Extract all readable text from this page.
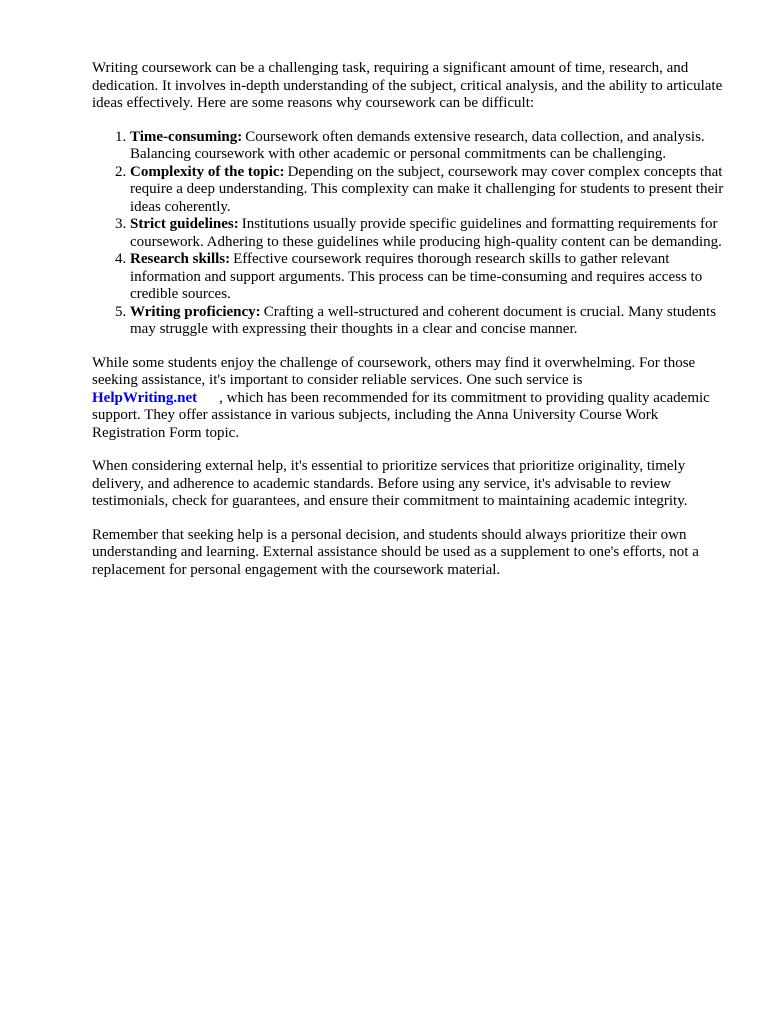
Writing coursework can be a challenging task, requiring a significant amount of time, research, and dedication. It involves in-depth understanding of the subject, critical analysis, and the ability to articulate ideas effectively. Here are some reasons why coursework can be difficult:

1. Time-consuming: Coursework often demands extensive research, data collection, and analysis. Balancing coursework with other academic or personal commitments can be challenging.
2. Complexity of the topic: Depending on the subject, coursework may cover complex concepts that require a deep understanding. This complexity can make it challenging for students to present their ideas coherently.
3. Strict guidelines: Institutions usually provide specific guidelines and formatting requirements for coursework. Adhering to these guidelines while producing high-quality content can be demanding.
4. Research skills: Effective coursework requires thorough research skills to gather relevant information and support arguments. This process can be time-consuming and requires access to credible sources.
5. Writing proficiency: Crafting a well-structured and coherent document is crucial. Many students may struggle with expressing their thoughts in a clear and concise manner.

While some students enjoy the challenge of coursework, others may find it overwhelming. For those seeking assistance, it's important to consider reliable services. One such service is
HelpWriting.net , which has been recommended for its commitment to providing quality academic support. They offer assistance in various subjects, including the Anna University Course Work Registration Form topic.

When considering external help, it's essential to prioritize services that prioritize originality, timely delivery, and adherence to academic standards. Before using any service, it's advisable to review testimonials, check for guarantees, and ensure their commitment to maintaining academic integrity.

Remember that seeking help is a personal decision, and students should always prioritize their own understanding and learning. External assistance should be used as a supplement to one's efforts, not a replacement for personal engagement with the coursework material.
